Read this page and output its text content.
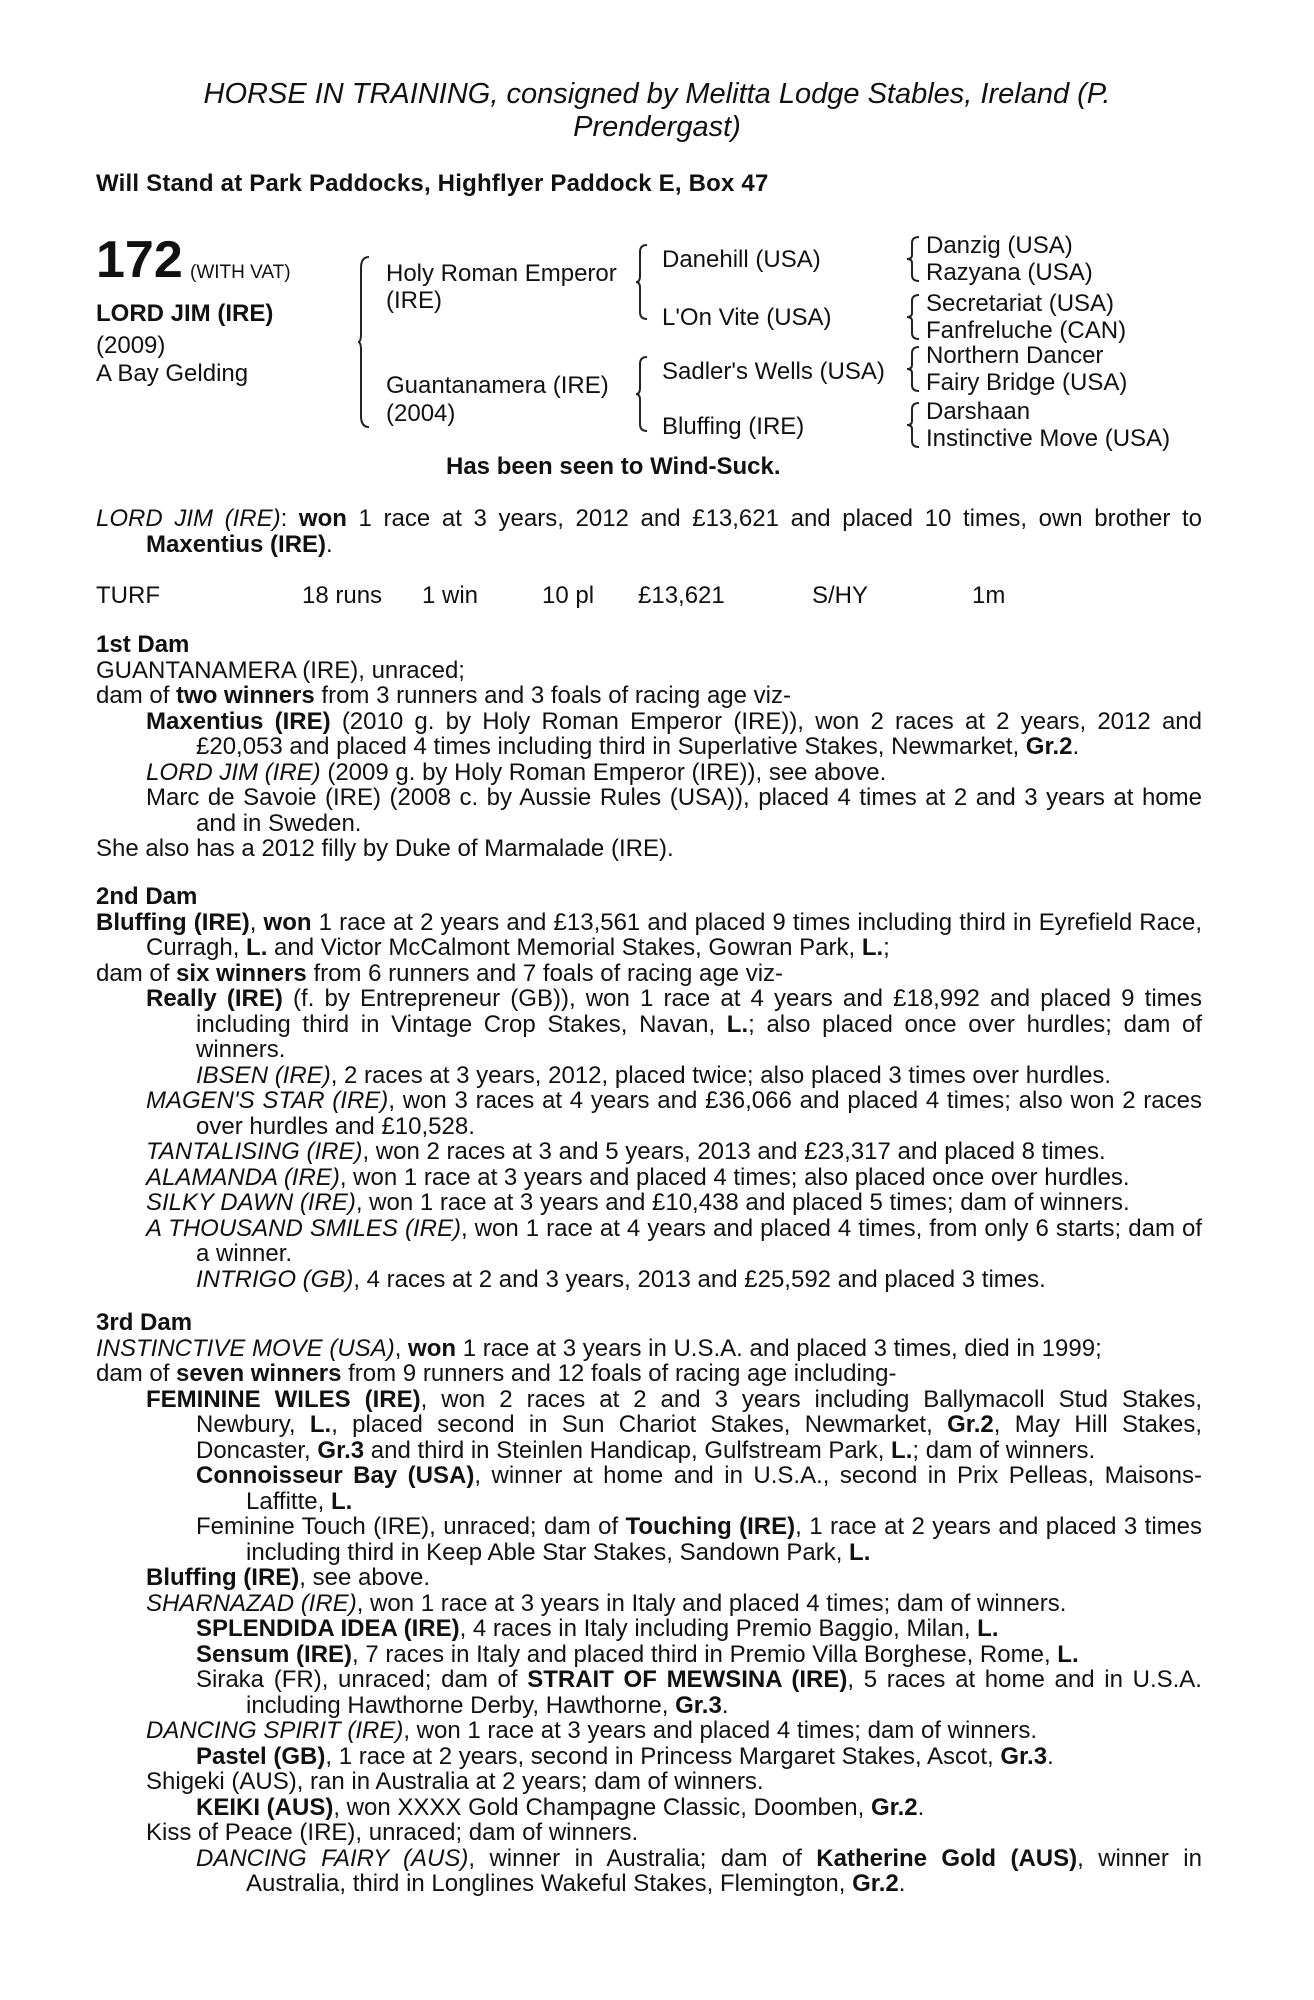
HORSE IN TRAINING, consigned by Melitta Lodge Stables, Ireland (P. Prendergast)
Will Stand at Park Paddocks, Highflyer Paddock E, Box 47
172 (WITH VAT)
LORD JIM (IRE)
(2009)
A Bay Gelding
Holy Roman Emperor
(IRE)
Guantanamera (IRE)
(2004)
Danehill (USA)
L'On Vite (USA)
Sadler's Wells (USA)
Bluffing (IRE)
Danzig (USA)
Razyana (USA)
Secretariat (USA)
Fanfreluche (CAN)
Northern Dancer
Fairy Bridge (USA)
Darshaan
Instinctive Move (USA)
Has been seen to Wind-Suck.

LORD JIM (IRE): won 1 race at 3 years, 2012 and £13,621 and placed 10 times, own brother to Maxentius (IRE).

TURF	18 runs 1 win	10 pl £13,621	S/HY	1m

1st Dam

GUANTANAMERA (IRE), unraced;

dam of two winners from 3 runners and 3 foals of racing age viz-

Maxentius (IRE) (2010 g. by Holy Roman Emperor (IRE)), won 2 races at 2 years, 2012 and £20,053 and placed 4 times including third in Superlative Stakes, Newmarket, Gr.2.

LORD JIM (IRE) (2009 g. by Holy Roman Emperor (IRE)), see above.

Marc de Savoie (IRE) (2008 c. by Aussie Rules (USA)), placed 4 times at 2 and 3 years at home and in Sweden.

She also has a 2012 filly by Duke of Marmalade (IRE).

2nd Dam

Bluffing (IRE), won 1 race at 2 years and £13,561 and placed 9 times including third in Eyrefield Race, Curragh, L. and Victor McCalmont Memorial Stakes, Gowran Park, L.;

dam of six winners from 6 runners and 7 foals of racing age viz-

Really (IRE) (f. by Entrepreneur (GB)), won 1 race at 4 years and £18,992 and placed 9 times including third in Vintage Crop Stakes, Navan, L.; also placed once over hurdles; dam of winners.

IBSEN (IRE), 2 races at 3 years, 2012, placed twice; also placed 3 times over hurdles.

MAGEN'S STAR (IRE), won 3 races at 4 years and £36,066 and placed 4 times; also won 2 races over hurdles and £10,528.

TANTALISING (IRE), won 2 races at 3 and 5 years, 2013 and £23,317 and placed 8 times.

ALAMANDA (IRE), won 1 race at 3 years and placed 4 times; also placed once over hurdles.

SILKY DAWN (IRE), won 1 race at 3 years and £10,438 and placed 5 times; dam of winners.

A THOUSAND SMILES (IRE), won 1 race at 4 years and placed 4 times, from only 6 starts; dam of a winner.

INTRIGO (GB), 4 races at 2 and 3 years, 2013 and £25,592 and placed 3 times.

3rd Dam

INSTINCTIVE MOVE (USA), won 1 race at 3 years in U.S.A. and placed 3 times, died in 1999;

dam of seven winners from 9 runners and 12 foals of racing age including-

FEMININE WILES (IRE), won 2 races at 2 and 3 years including Ballymacoll Stud Stakes, Newbury, L., placed second in Sun Chariot Stakes, Newmarket, Gr.2, May Hill Stakes, Doncaster, Gr.3 and third in Steinlen Handicap, Gulfstream Park, L.; dam of winners.

Connoisseur Bay (USA), winner at home and in U.S.A., second in Prix Pelleas, Maisons-Laffitte, L.

Feminine Touch (IRE), unraced; dam of Touching (IRE), 1 race at 2 years and placed 3 times including third in Keep Able Star Stakes, Sandown Park, L.

Bluffing (IRE), see above.

SHARNAZAD (IRE), won 1 race at 3 years in Italy and placed 4 times; dam of winners.

SPLENDIDA IDEA (IRE), 4 races in Italy including Premio Baggio, Milan, L.

Sensum (IRE), 7 races in Italy and placed third in Premio Villa Borghese, Rome, L.

Siraka (FR), unraced; dam of STRAIT OF MEWSINA (IRE), 5 races at home and in U.S.A. including Hawthorne Derby, Hawthorne, Gr.3.

DANCING SPIRIT (IRE), won 1 race at 3 years and placed 4 times; dam of winners.

Pastel (GB), 1 race at 2 years, second in Princess Margaret Stakes, Ascot, Gr.3.

Shigeki (AUS), ran in Australia at 2 years; dam of winners.

KEIKI (AUS), won XXXX Gold Champagne Classic, Doomben, Gr.2.

Kiss of Peace (IRE), unraced; dam of winners.

DANCING FAIRY (AUS), winner in Australia; dam of Katherine Gold (AUS), winner in Australia, third in Longlines Wakeful Stakes, Flemington, Gr.2.
